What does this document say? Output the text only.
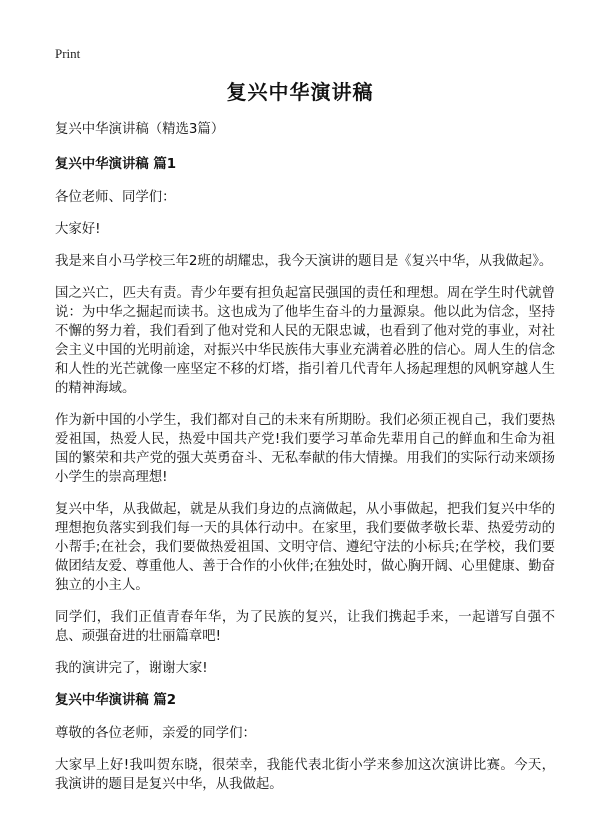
Print
复兴中华演讲稿

复兴中华演讲稿（精选3篇）

复兴中华演讲稿 篇1

各位老师、同学们：

大家好!

我是来自小马学校三年2班的胡耀忠，我今天演讲的题目是《复兴中华，从我做起》。

国之兴亡，匹夫有责。青少年要有担负起富民强国的责任和理想。周在学生时代就曾说：为中华之掘起而读书。这也成为了他毕生奋斗的力量源泉。他以此为信念，坚持不懈的努力着，我们看到了他对党和人民的无限忠诚，也看到了他对党的事业，对社会主义中国的光明前途，对振兴中华民族伟大事业充满着必胜的信心。周人生的信念和人性的光芒就像一座坚定不移的灯塔，指引着几代青年人扬起理想的风帆穿越人生的精神海域。

作为新中国的小学生，我们都对自己的未来有所期盼。我们必须正视自己，我们要热爱祖国，热爱人民，热爱中国共产党!我们要学习革命先辈用自己的鲜血和生命为祖国的繁荣和共产党的强大英勇奋斗、无私奉献的伟大情操。用我们的实际行动来颂扬小学生的崇高理想!

复兴中华，从我做起，就是从我们身边的点滴做起，从小事做起，把我们复兴中华的理想抱负落实到我们每一天的具体行动中。在家里，我们要做孝敬长辈、热爱劳动的小帮手;在社会，我们要做热爱祖国、文明守信、遵纪守法的小标兵;在学校，我们要做团结友爱、尊重他人、善于合作的小伙伴;在独处时，做心胸开阔、心里健康、勤奋独立的小主人。

同学们，我们正值青春年华，为了民族的复兴，让我们携起手来，一起谱写自强不息、顽强奋进的壮丽篇章吧!

我的演讲完了，谢谢大家!

复兴中华演讲稿 篇2

尊敬的各位老师，亲爱的同学们：

大家早上好!我叫贺东晓，很荣幸，我能代表北街小学来参加这次演讲比赛。今天，我演讲的题目是复兴中华，从我做起。
